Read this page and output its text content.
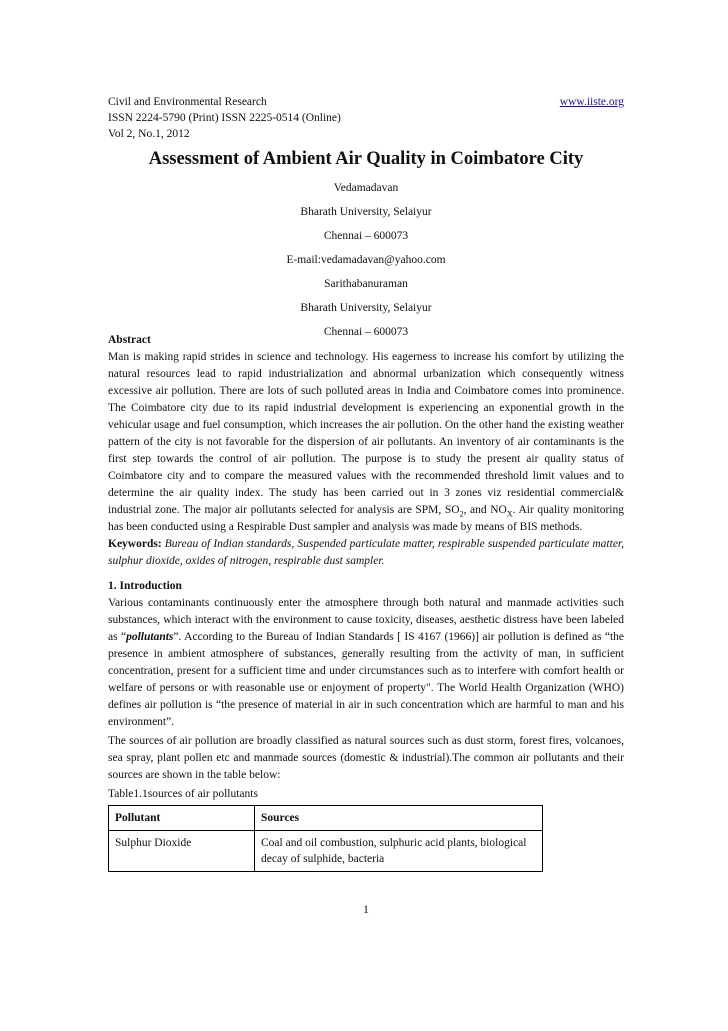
Civil and Environmental Research	www.iiste.org
ISSN 2224-5790 (Print) ISSN 2225-0514 (Online)
Vol 2, No.1, 2012
Assessment of Ambient Air Quality in Coimbatore City
Vedamadavan
Bharath University, Selaiyur
Chennai – 600073
E-mail:vedamadavan@yahoo.com
Sarithabanuraman
Bharath University, Selaiyur
Chennai – 600073
Abstract
Man is making rapid strides in science and technology. His eagerness to increase his comfort by utilizing the natural resources lead to rapid industrialization and abnormal urbanization which consequently witness excessive air pollution. There are lots of such polluted areas in India and Coimbatore comes into prominence. The Coimbatore city due to its rapid industrial development is experiencing an exponential growth in the vehicular usage and fuel consumption, which increases the air pollution. On the other hand the existing weather pattern of the city is not favorable for the dispersion of air pollutants. An inventory of air contaminants is the first step towards the control of air pollution. The purpose is to study the present air quality status of Coimbatore city and to compare the measured values with the recommended threshold limit values and to determine the air quality index. The study has been carried out in 3 zones viz residential commercial& industrial zone. The major air pollutants selected for analysis are SPM, $SO_2$, and $NO_X$. Air quality monitoring has been conducted using a Respirable Dust sampler and analysis was made by means of BIS methods.
Keywords: Bureau of Indian standards, Suspended particulate matter, respirable suspended particulate matter, sulphur dioxide, oxides of nitrogen, respirable dust sampler.
1. Introduction
Various contaminants continuously enter the atmosphere through both natural and manmade activities such substances, which interact with the environment to cause toxicity, diseases, aesthetic distress have been labeled as “pollutants”. According to the Bureau of Indian Standards [ IS 4167 (1966)] air pollution is defined as “the presence in ambient atmosphere of substances, generally resulting from the activity of man, in sufficient concentration, present for a sufficient time and under circumstances such as to interfere with comfort health or welfare of persons or with reasonable use or enjoyment of property". The World Health Organization (WHO) defines air pollution is “the presence of material in air in such concentration which are harmful to man and his environment”.
The sources of air pollution are broadly classified as natural sources such as dust storm, forest fires, volcanoes, sea spray, plant pollen etc and manmade sources (domestic & industrial).The common air pollutants and their sources are shown in the table below:
Table1.1sources of air pollutants
Pollutant	Sources
Sulphur Dioxide	Coal and oil combustion, sulphuric acid plants, biological decay of sulphide, bacteria
1
